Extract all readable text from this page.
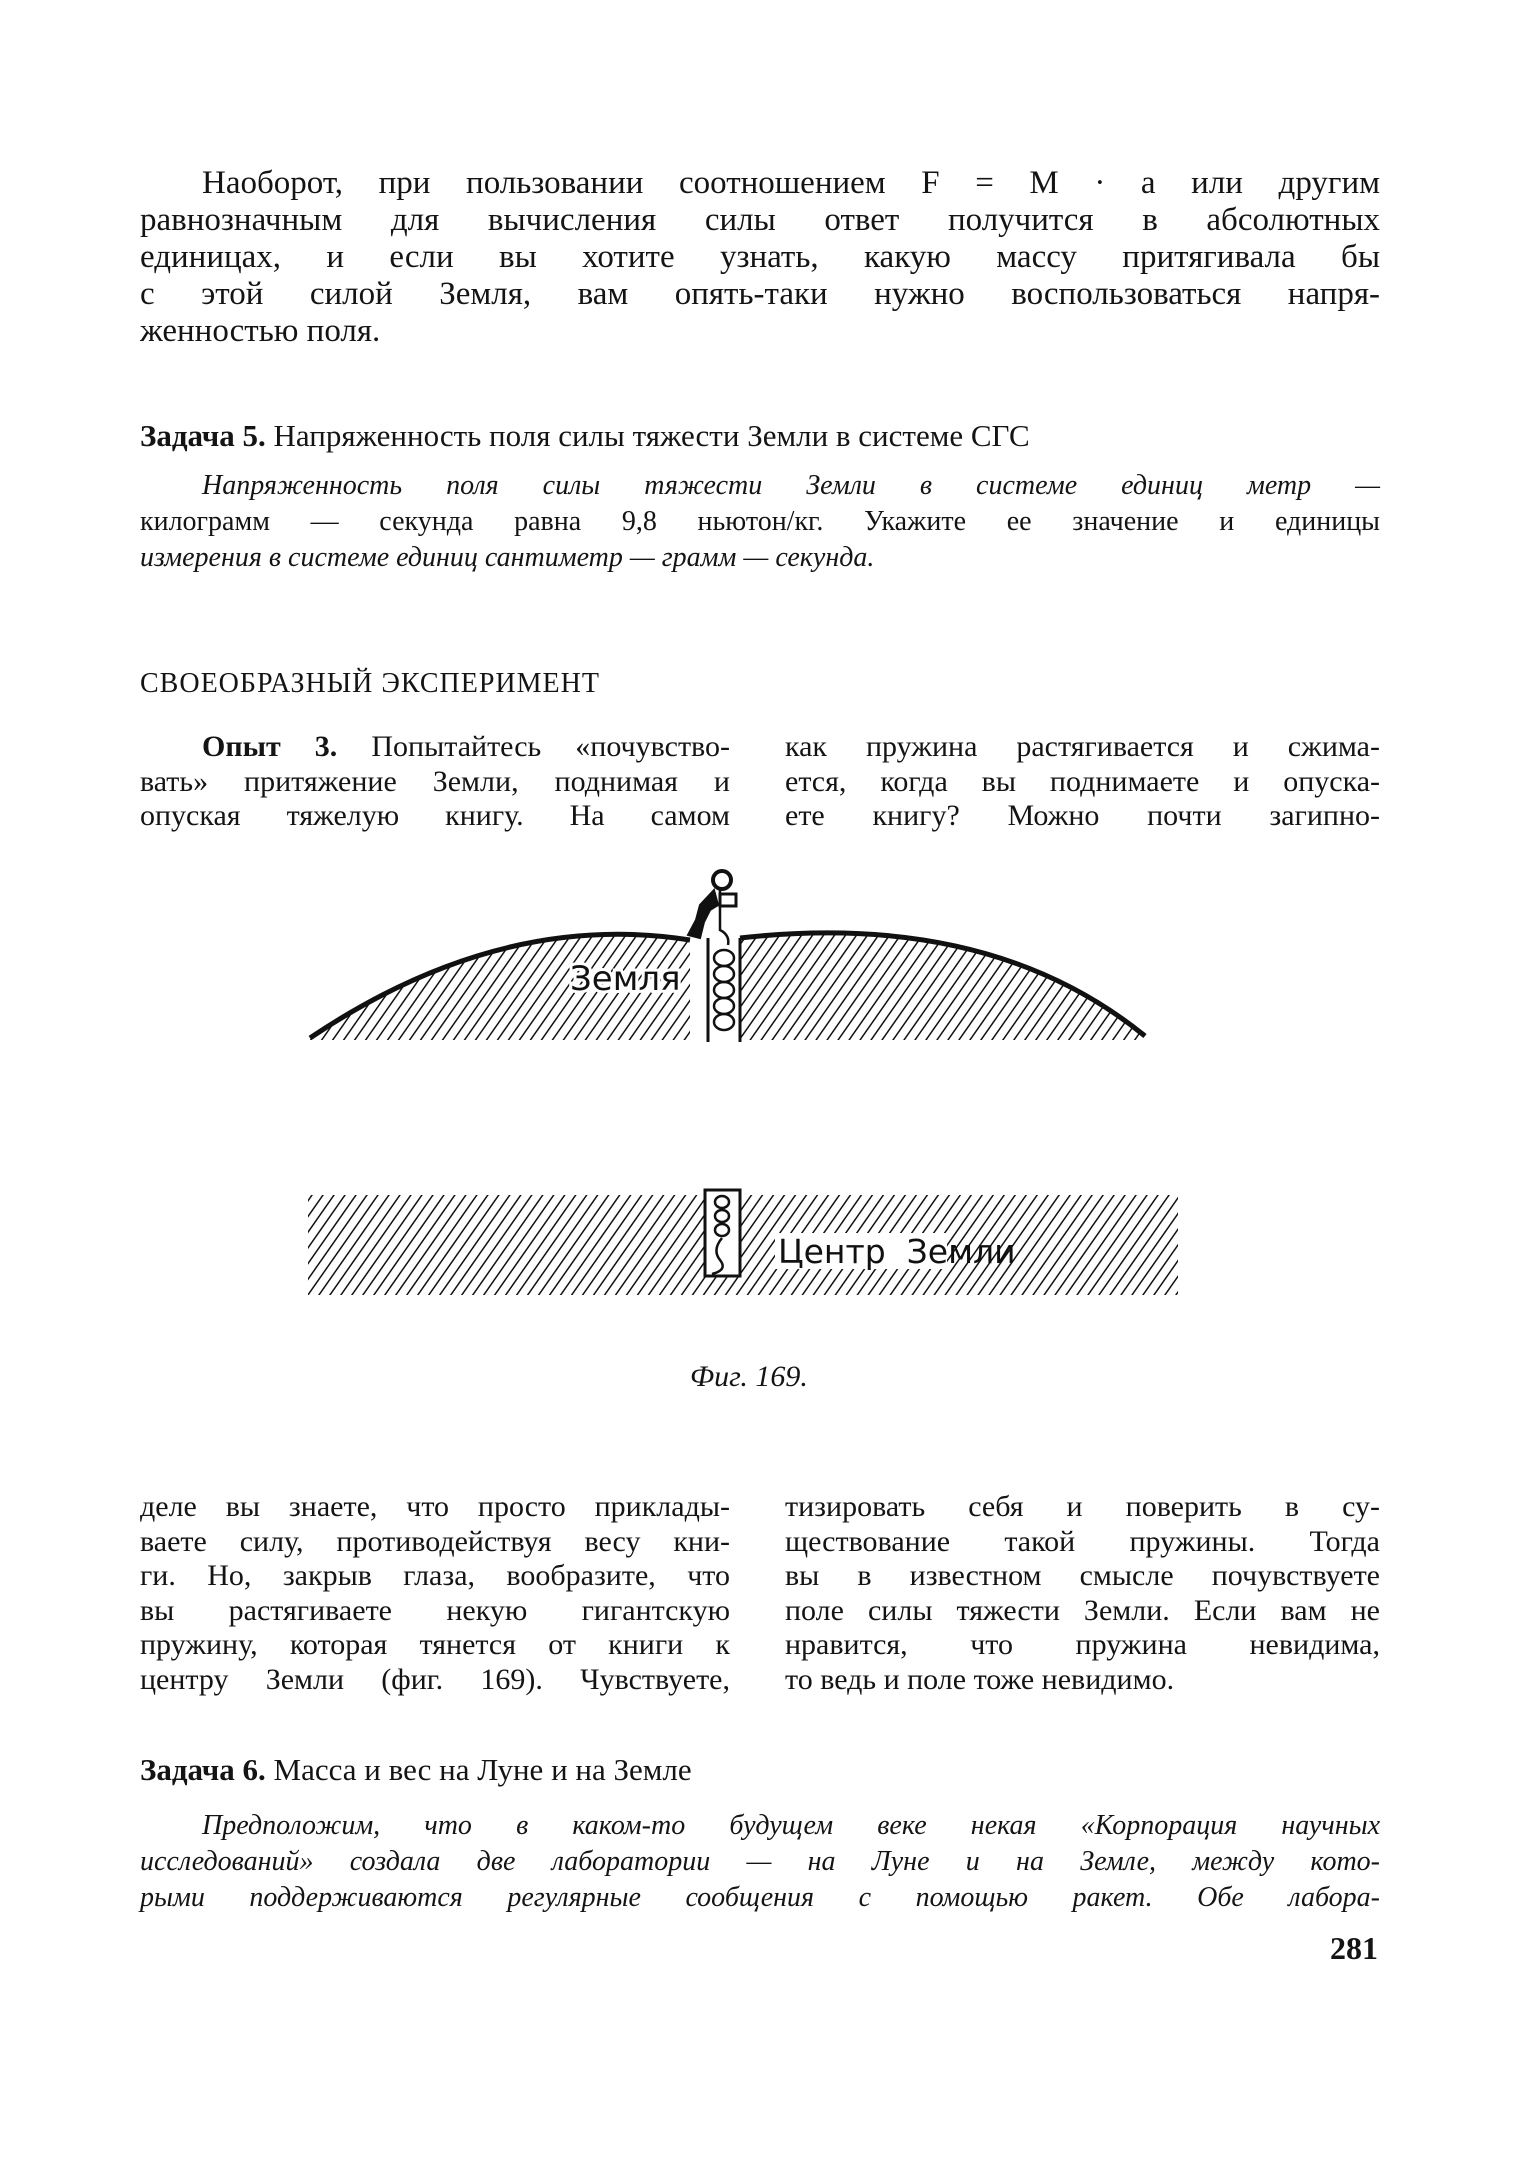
Наоборот, при пользовании соотношением F = M · a или другим
равнозначным для вычисления силы ответ получится в абсолютных
единицах, и если вы хотите узнать, какую массу притягивала бы
с этой силой Земля, вам опять-таки нужно воспользоваться напря-
женностью поля.
Задача 5. Напряженность поля силы тяжести Земли в системе СГС
Напряженность поля силы тяжести Земли в системе единиц метр —
килограмм — секунда равна 9,8 ньютон/кг. Укажите ее значение и единицы
измерения в системе единиц сантиметр — грамм — секунда.
СВОЕОБРАЗНЫЙ ЭКСПЕРИМЕНТ
Опыт 3. Попытайтесь «почувство-
вать» притяжение Земли, поднимая и
опуская тяжелую книгу. На самом
как пружина растягивается и сжима-
ется, когда вы поднимаете и опуска-
ете книгу? Можно почти загипно-
Земля
Центр  Земли
Фиг. 169.
деле вы знаете, что просто приклады-
ваете силу, противодействуя весу кни-
ги. Но, закрыв глаза, вообразите, что
вы растягиваете некую гигантскую
пружину, которая тянется от книги к
центру Земли (фиг. 169). Чувствуете,
тизировать себя и поверить в су-
ществование такой пружины. Тогда
вы в известном смысле почувствуете
поле силы тяжести Земли. Если вам не
нравится, что пружина невидима,
то ведь и поле тоже невидимо.
Задача 6. Масса и вес на Луне и на Земле
Предположим, что в каком-то будущем веке некая «Корпорация научных
исследований» создала две лаборатории — на Луне и на Земле, между кото-
рыми поддерживаются регулярные сообщения с помощью ракет. Обе лабора-
281
